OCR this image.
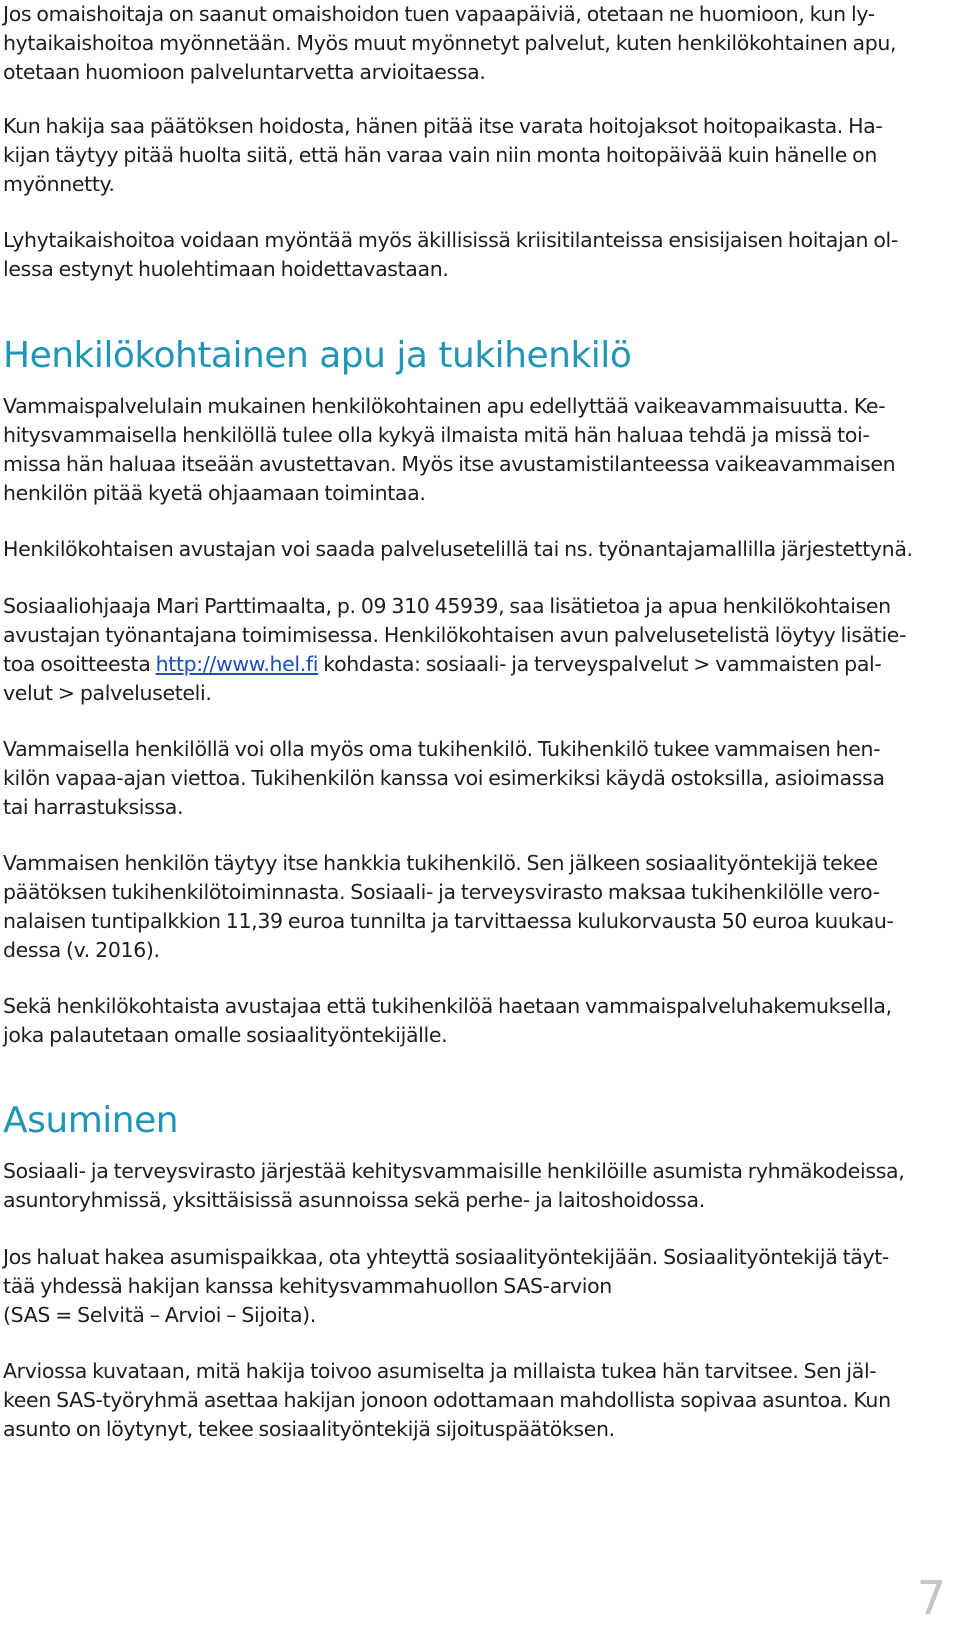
Jos omaishoitaja on saanut omaishoidon tuen vapaapäiviä, otetaan ne huomioon, kun ly-
hytaikaishoitoa myönnetään. Myös muut myönnetyt palvelut, kuten henkilökohtainen apu,
otetaan huomioon palveluntarvetta arvioitaessa.

Kun hakija saa päätöksen hoidosta, hänen pitää itse varata hoitojaksot hoitopaikasta. Ha-
kijan täytyy pitää huolta siitä, että hän varaa vain niin monta hoitopäivää kuin hänelle on
myönnetty.

Lyhytaikaishoitoa voidaan myöntää myös äkillisissä kriisitilanteissa ensisijaisen hoitajan ol-
lessa estynyt huolehtimaan hoidettavastaan.

Henkilökohtainen apu ja tukihenkilö

Vammaispalvelulain mukainen henkilökohtainen apu edellyttää vaikeavammaisuutta. Ke-
hitysvammaisella henkilöllä tulee olla kykyä ilmaista mitä hän haluaa tehdä ja missä toi-
missa hän haluaa itseään avustettavan. Myös itse avustamistilanteessa vaikeavammaisen
henkilön pitää kyetä ohjaamaan toimintaa.

Henkilökohtaisen avustajan voi saada palvelusetelillä tai ns. työnantajamallilla järjestettynä.

Sosiaaliohjaaja Mari Parttimaalta, p. 09 310 45939, saa lisätietoa ja apua henkilökohtaisen
avustajan työnantajana toimimisessa. Henkilökohtaisen avun palvelusetelistä löytyy lisätie-
toa osoitteesta http://www.hel.fi kohdasta: sosiaali- ja terveyspalvelut > vammaisten pal-
velut > palveluseteli.

Vammaisella henkilöllä voi olla myös oma tukihenkilö. Tukihenkilö tukee vammaisen hen-
kilön vapaa-ajan viettoa. Tukihenkilön kanssa voi esimerkiksi käydä ostoksilla, asioimassa
tai harrastuksissa.

Vammaisen henkilön täytyy itse hankkia tukihenkilö. Sen jälkeen sosiaalityöntekijä tekee
päätöksen tukihenkilötoiminnasta. Sosiaali- ja terveysvirasto maksaa tukihenkilölle vero-
nalaisen tuntipalkkion 11,39 euroa tunnilta ja tarvittaessa kulukorvausta 50 euroa kuukau-
dessa (v. 2016).

Sekä henkilökohtaista avustajaa että tukihenkilöä haetaan vammaispalveluhakemuksella,
joka palautetaan omalle sosiaalityöntekijälle.

Asuminen

Sosiaali- ja terveysvirasto järjestää kehitysvammaisille henkilöille asumista ryhmäkodeissa,
asuntoryhmissä, yksittäisissä asunnoissa sekä perhe- ja laitoshoidossa.

Jos haluat hakea asumispaikkaa, ota yhteyttä sosiaalityöntekijään. Sosiaalityöntekijä täyt-
tää yhdessä hakijan kanssa kehitysvammahuollon SAS-arvion
(SAS = Selvitä – Arvioi – Sijoita).

Arviossa kuvataan, mitä hakija toivoo asumiselta ja millaista tukea hän tarvitsee. Sen jäl-
keen SAS-työryhmä asettaa hakijan jonoon odottamaan mahdollista sopivaa asuntoa. Kun
asunto on löytynyt, tekee sosiaalityöntekijä sijoituspäätöksen.

7
